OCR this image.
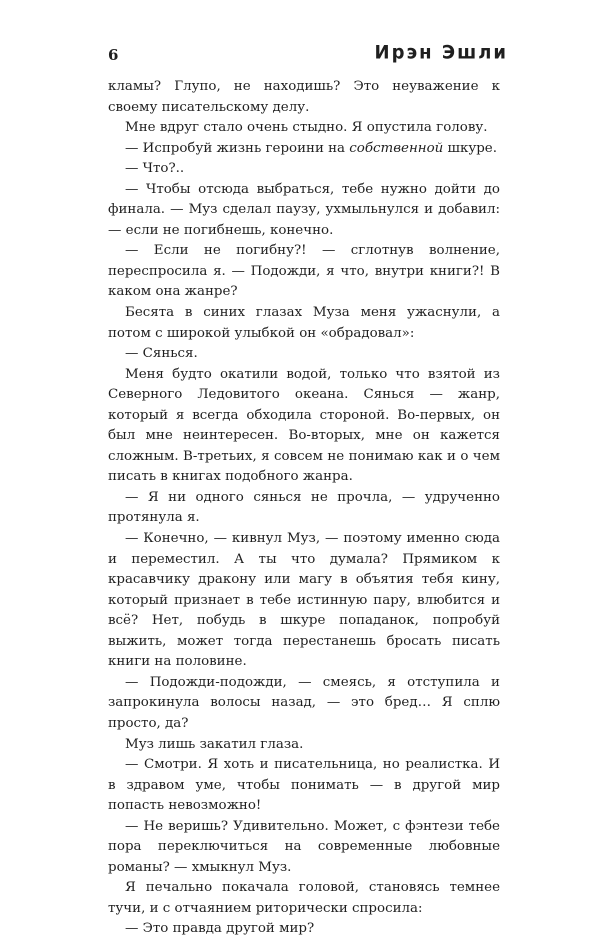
6	Ирэн Эшли

кламы? Глупо, не находишь? Это неуважение к своему писательскому делу.

Мне вдруг стало очень стыдно. Я опустила голову.

— Испробуй жизнь героини на собственной шкуре.

— Что?..

— Чтобы отсюда выбраться, тебе нужно дойти до финала. — Муз сделал паузу, ухмыльнулся и добавил: — если не погибнешь, конечно.

— Если не погибну?! — сглотнув волнение, переспросила я. — Подожди, я что, внутри книги?! В каком она жанре?

Бесята в синих глазах Муза меня ужаснули, а потом с широкой улыбкой он «обрадовал»:

— Сянься.

Меня будто окатили водой, только что взятой из Северного Ледовитого океана. Сянься — жанр, который я всегда обходила стороной. Во-первых, он был мне неинтересен. Во-вторых, мне он кажется сложным. В-третьих, я совсем не понимаю как и о чем писать в книгах подобного жанра.

— Я ни одного сянься не прочла, — удрученно протянула я.

— Конечно, — кивнул Муз, — поэтому именно сюда и переместил. А ты что думала? Прямиком к красавчику дракону или магу в объятия тебя кину, который признает в тебе истинную пару, влюбится и всё? Нет, побудь в шкуре попаданок, попробуй выжить, может тогда перестанешь бросать писать книги на половине.

— Подожди-подожди, — смеясь, я отступила и запрокинула волосы назад, — это бред… Я сплю просто, да?

Муз лишь закатил глаза.

— Смотри. Я хоть и писательница, но реалистка. И в здравом уме, чтобы понимать — в другой мир попасть невозможно!

— Не веришь? Удивительно. Может, с фэнтези тебе пора переключиться на современные любовные романы? — хмыкнул Муз.

Я печально покачала головой, становясь темнее тучи, и с отчаянием риторически спросила:

— Это правда другой мир?
